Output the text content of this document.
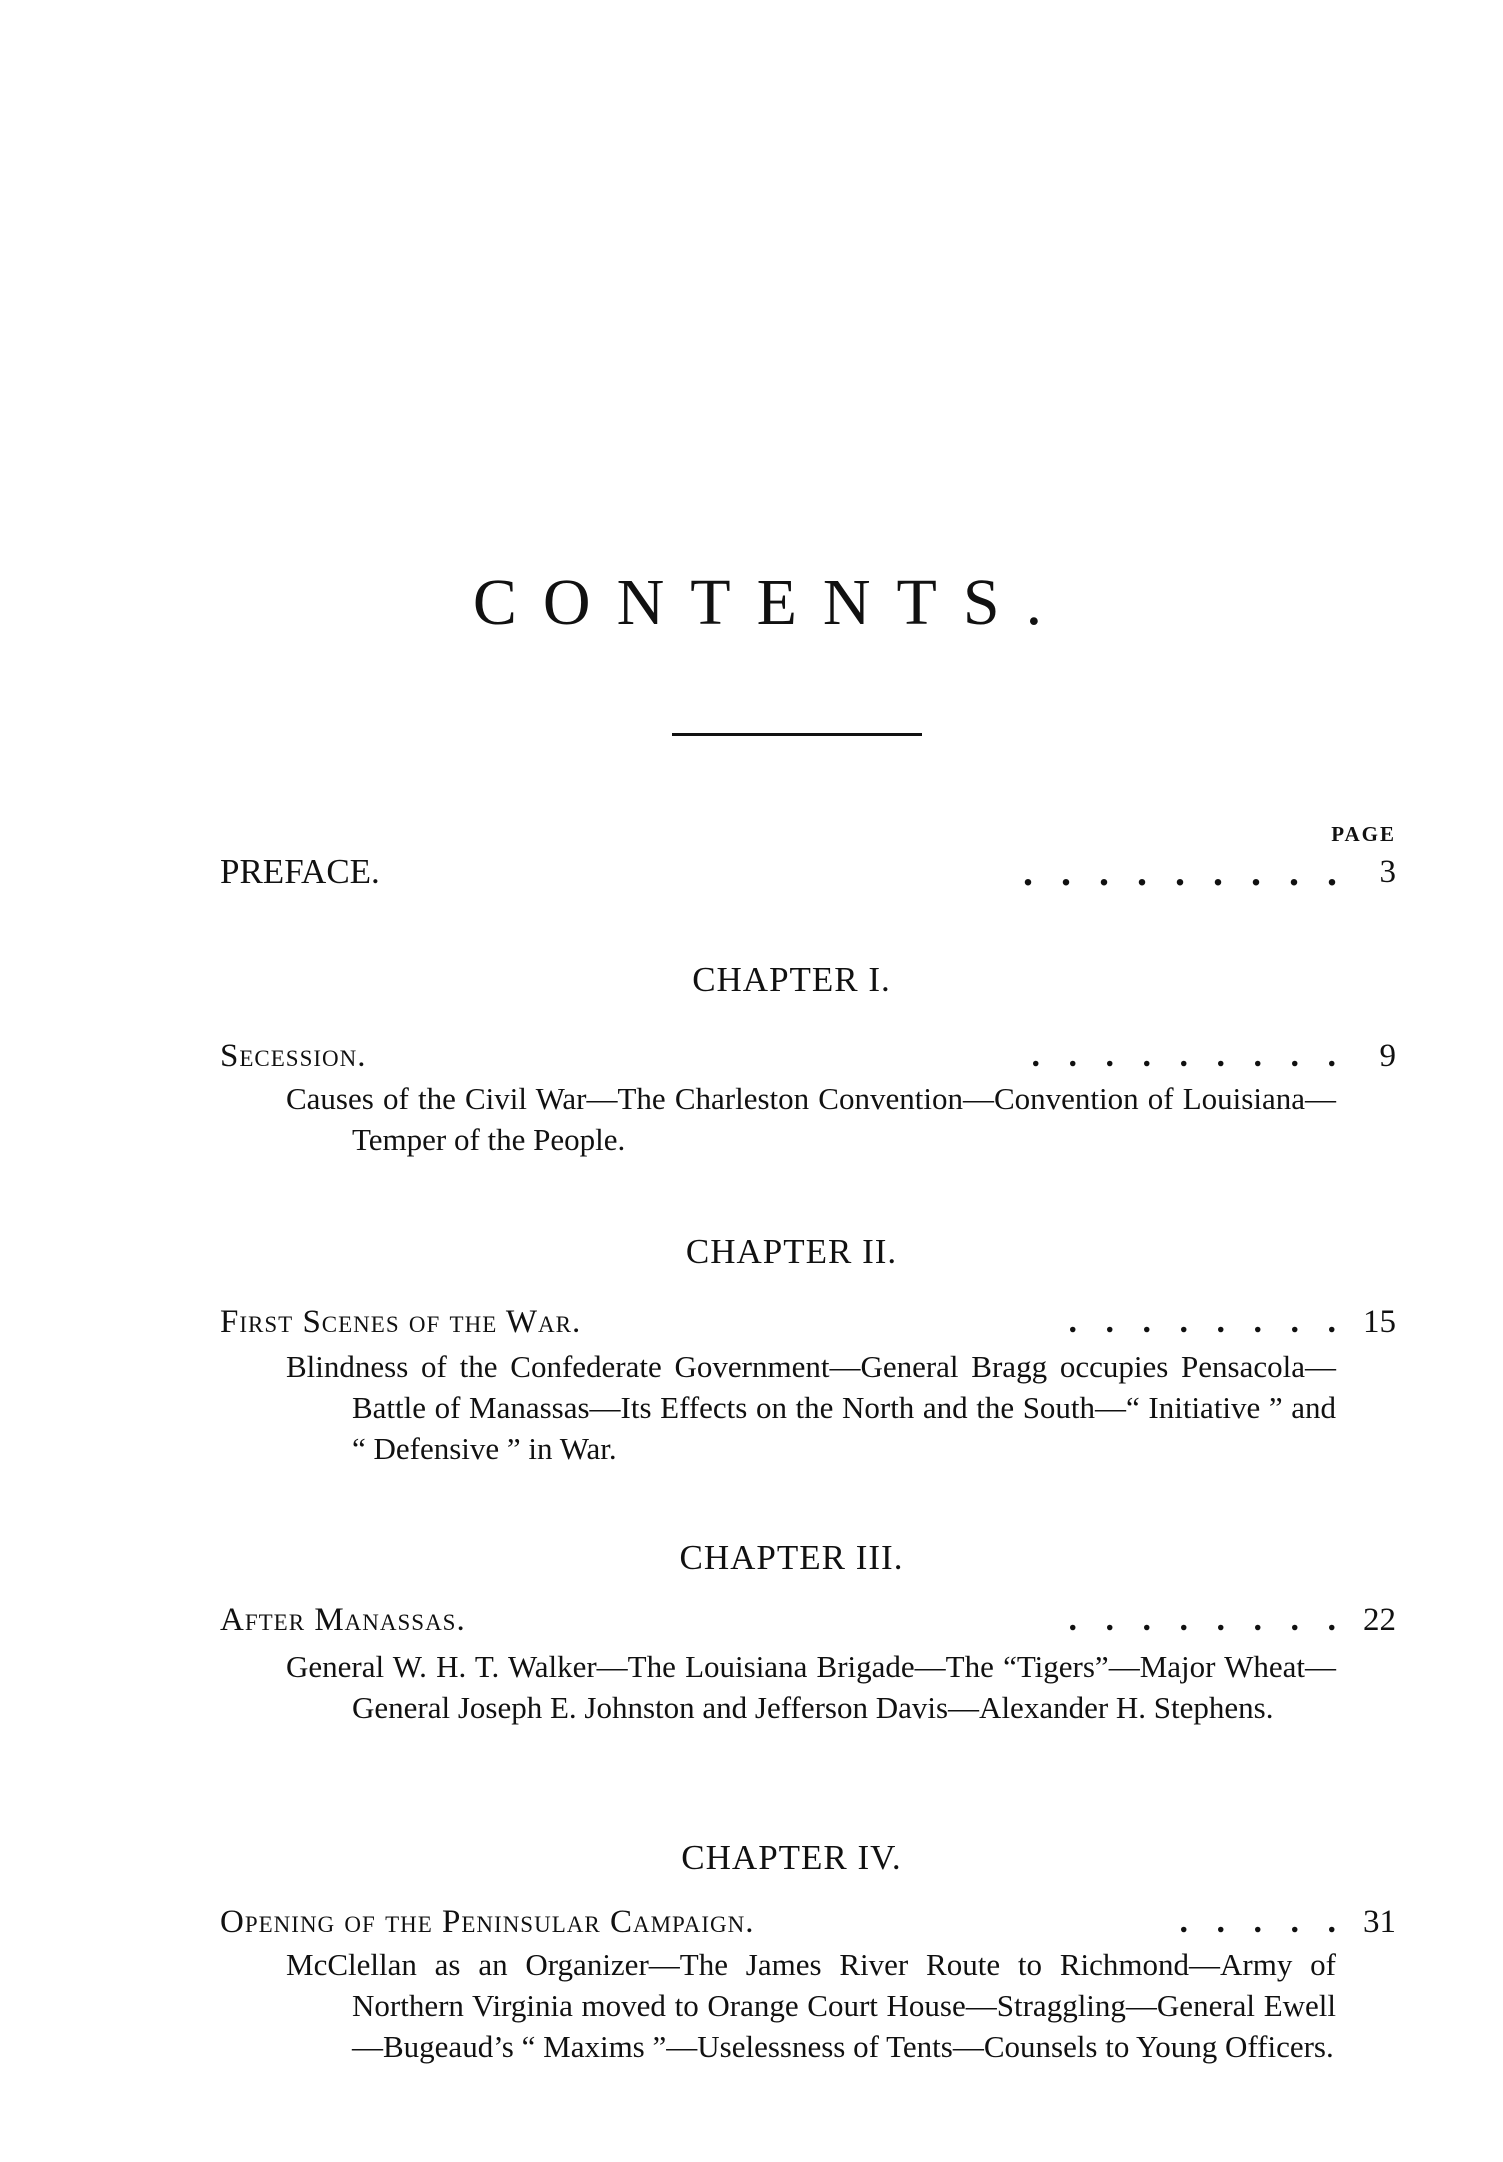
CONTENTS.
PAGE
PREFACE.	. . . . . . . . . 3
CHAPTER I.
Secession.	. . . . . . . . . 9

Causes of the Civil War—The Charleston Convention—Convention of Louisiana—Temper of the People.

CHAPTER II.
First Scenes of the War.	. . . . . . . . 15

Blindness of the Confederate Government—General Bragg occupies Pensacola—Battle of Manassas—Its Effects on the North and the South—“ Initiative ” and “ Defensive ” in War.

CHAPTER III.
After Manassas.	. . . . . . . . 22

General W. H. T. Walker—The Louisiana Brigade—The “Tigers”—Major Wheat—General Joseph E. Johnston and Jefferson Davis—Alexander H. Stephens.

CHAPTER IV.
Opening of the Peninsular Campaign.	. . . . . 31

McClellan as an Organizer—The James River Route to Richmond—Army of Northern Virginia moved to Orange Court House—Straggling—General Ewell—Bugeaud’s “ Maxims ”—Uselessness of Tents—Counsels to Young Officers.
